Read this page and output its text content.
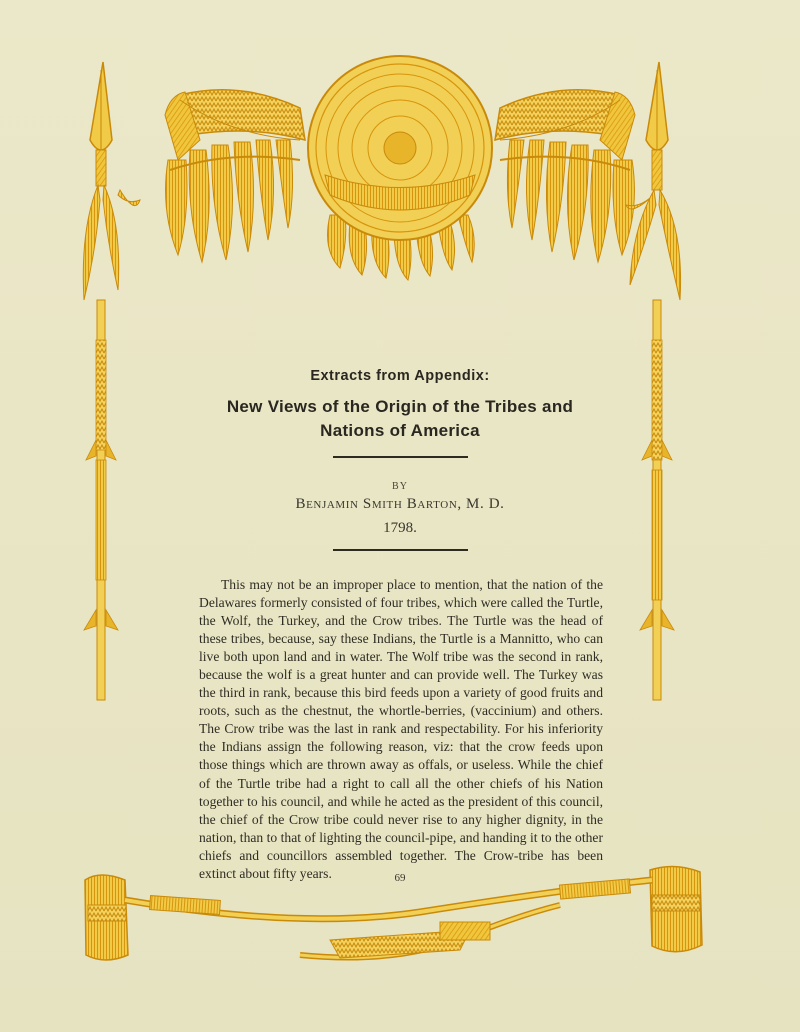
Extracts from Appendix:
New Views of the Origin of the Tribes and
Nations of America
BY
Benjamin Smith Barton, M. D.
1798.

This may not be an improper place to mention, that the nation of the Delawares formerly consisted of four tribes, which were called the Turtle, the Wolf, the Turkey, and the Crow tribes. The Turtle was the head of these tribes, because, say these Indians, the Turtle is a Mannitto, who can live both upon land and in water. The Wolf tribe was the second in rank, because the wolf is a great hunter and can provide well. The Turkey was the third in rank, because this bird feeds upon a variety of good fruits and roots, such as the chestnut, the whortle-berries, (vaccinium) and others. The Crow tribe was the last in rank and respectability. For his inferiority the Indians assign the following reason, viz: that the crow feeds upon those things which are thrown away as offals, or useless. While the chief of the Turtle tribe had a right to call all the other chiefs of his Nation together to his council, and while he acted as the president of this council, the chief of the Crow tribe could never rise to any higher dignity, in the nation, than to that of lighting the council-pipe, and handing it to the other chiefs and councillors assembled together. The Crow-tribe has been extinct about fifty years.	69
